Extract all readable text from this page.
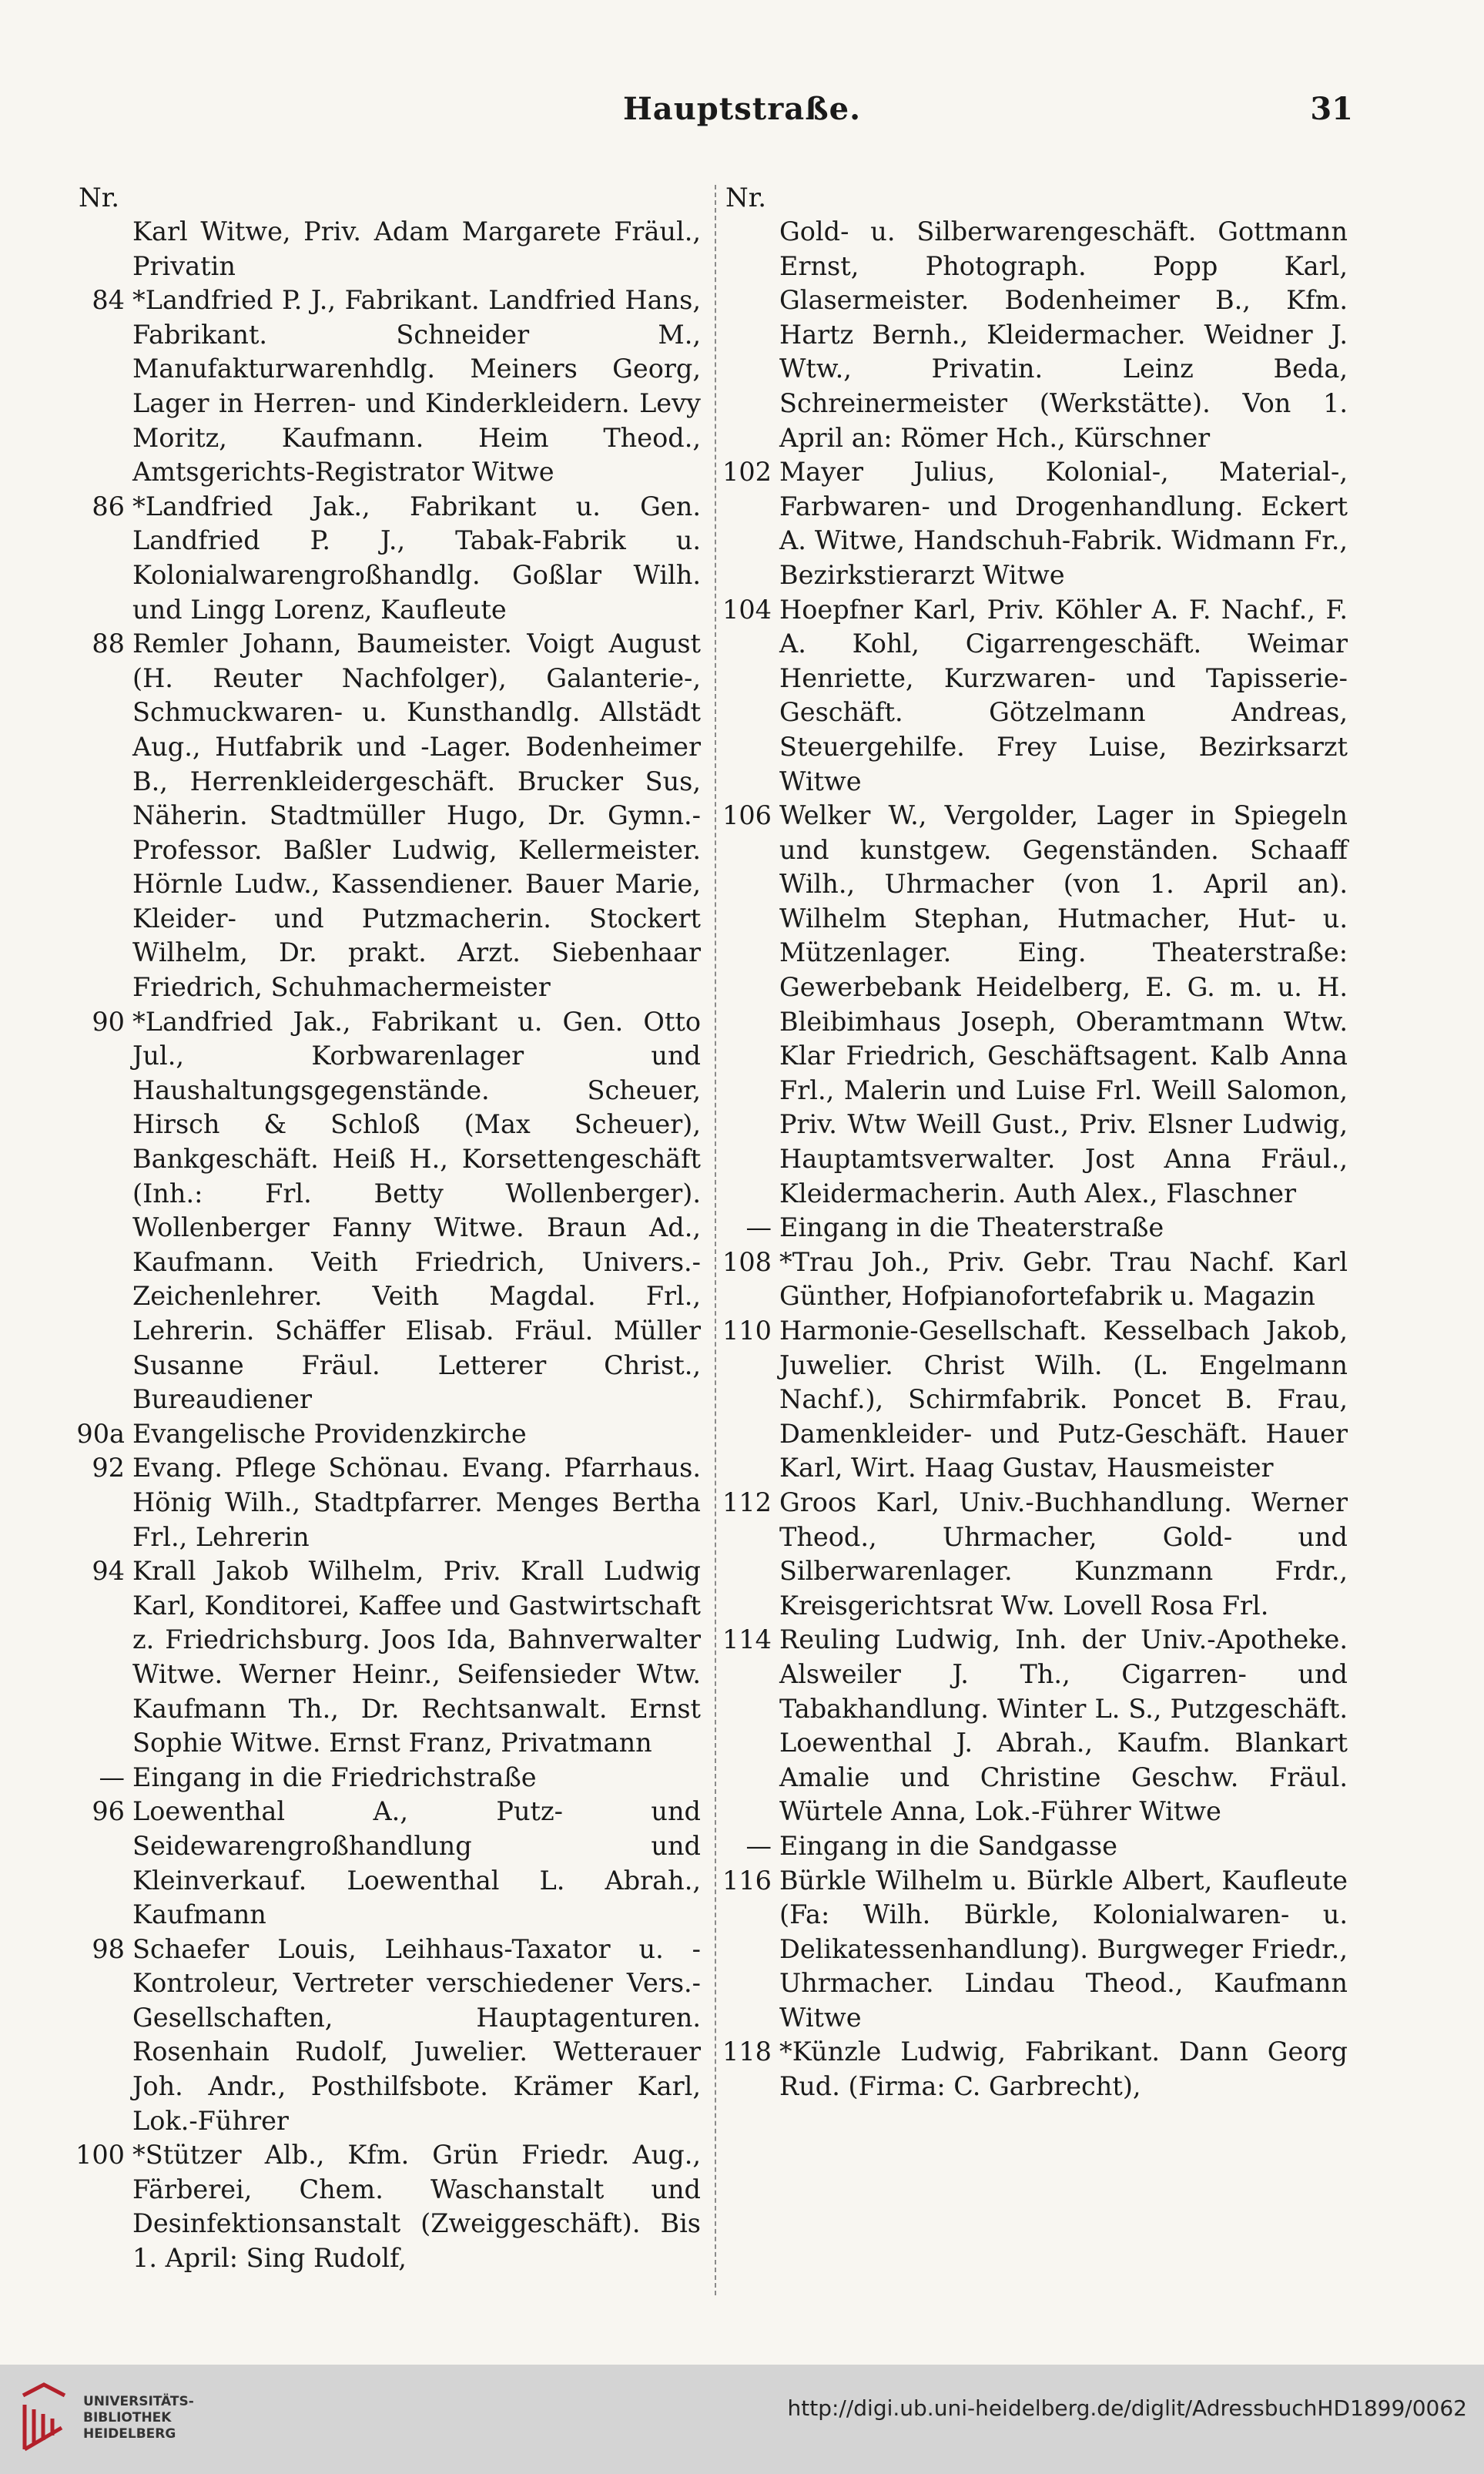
Hauptstraße.	31
Nr.
Karl Witwe, Priv. Adam Margarete Fräul., Privatin
84 *Landfried P. J., Fabrikant. Landfried Hans, Fabrikant. Schneider M., Manufakturwarenhdlg. Meiners Georg, Lager in Herren- und Kinderkleidern. Levy Moritz, Kaufmann. Heim Theod., Amtsgerichts-Registrator Witwe
86 *Landfried Jak., Fabrikant u. Gen. Landfried P. J., Tabak-Fabrik u. Kolonialwarengroßhandlg. Goßlar Wilh. und Lingg Lorenz, Kaufleute
88 Remler Johann, Baumeister. Voigt August (H. Reuter Nachfolger), Galanterie-, Schmuckwaren- u. Kunsthandlg. Allstädt Aug., Hutfabrik und -Lager. Bodenheimer B., Herrenkleidergeschäft. Brucker Sus, Näherin. Stadtmüller Hugo, Dr. Gymn.-Professor. Baßler Ludwig, Kellermeister. Hörnle Ludw., Kassendiener. Bauer Marie, Kleider- und Putzmacherin. Stockert Wilhelm, Dr. prakt. Arzt. Siebenhaar Friedrich, Schuhmachermeister
90 *Landfried Jak., Fabrikant u. Gen. Otto Jul., Korbwarenlager und Haushaltungsgegenstände. Scheuer, Hirsch & Schloß (Max Scheuer), Bankgeschäft. Heiß H., Korsettengeschäft (Inh.: Frl. Betty Wollenberger). Wollenberger Fanny Witwe. Braun Ad., Kaufmann. Veith Friedrich, Univers.-Zeichenlehrer. Veith Magdal. Frl., Lehrerin. Schäffer Elisab. Fräul. Müller Susanne Fräul. Letterer Christ., Bureaudiener
90a Evangelische Providenzkirche
92 Evang. Pflege Schönau. Evang. Pfarrhaus. Hönig Wilh., Stadtpfarrer. Menges Bertha Frl., Lehrerin
94 Krall Jakob Wilhelm, Priv. Krall Ludwig Karl, Konditorei, Kaffee und Gastwirtschaft z. Friedrichsburg. Joos Ida, Bahnverwalter Witwe. Werner Heinr., Seifensieder Wtw. Kaufmann Th., Dr. Rechtsanwalt. Ernst Sophie Witwe. Ernst Franz, Privatmann
— Eingang in die Friedrichstraße
96 Loewenthal A., Putz- und Seidewarengroßhandlung und Kleinverkauf. Loewenthal L. Abrah., Kaufmann
98 Schaefer Louis, Leihhaus-Taxator u. -Kontroleur, Vertreter verschiedener Vers.-Gesellschaften, Hauptagenturen. Rosenhain Rudolf, Juwelier. Wetterauer Joh. Andr., Posthilfsbote. Krämer Karl, Lok.-Führer
100 *Stützer Alb., Kfm. Grün Friedr. Aug., Färberei, Chem. Waschanstalt und Desinfektionsanstalt (Zweiggeschäft). Bis 1. April: Sing Rudolf,
Nr.
Gold- u. Silberwarengeschäft. Gottmann Ernst, Photograph. Popp Karl, Glasermeister. Bodenheimer B., Kfm. Hartz Bernh., Kleidermacher. Weidner J. Wtw., Privatin. Leinz Beda, Schreinermeister (Werkstätte). Von 1. April an: Römer Hch., Kürschner
102 Mayer Julius, Kolonial-, Material-, Farbwaren- und Drogenhandlung. Eckert A. Witwe, Handschuh-Fabrik. Widmann Fr., Bezirkstierarzt Witwe
104 Hoepfner Karl, Priv. Köhler A. F. Nachf., F. A. Kohl, Cigarrengeschäft. Weimar Henriette, Kurzwaren- und Tapisserie-Geschäft. Götzelmann Andreas, Steuergehilfe. Frey Luise, Bezirksarzt Witwe
106 Welker W., Vergolder, Lager in Spiegeln und kunstgew. Gegenständen. Schaaff Wilh., Uhrmacher (von 1. April an). Wilhelm Stephan, Hutmacher, Hut- u. Mützenlager. Eing. Theaterstraße: Gewerbebank Heidelberg, E. G. m. u. H. Bleibimhaus Joseph, Oberamtmann Wtw. Klar Friedrich, Geschäftsagent. Kalb Anna Frl., Malerin und Luise Frl. Weill Salomon, Priv. Wtw Weill Gust., Priv. Elsner Ludwig, Hauptamtsverwalter. Jost Anna Fräul., Kleidermacherin. Auth Alex., Flaschner
— Eingang in die Theaterstraße
108 *Trau Joh., Priv. Gebr. Trau Nachf. Karl Günther, Hofpianofortefabrik u. Magazin
110 Harmonie-Gesellschaft. Kesselbach Jakob, Juwelier. Christ Wilh. (L. Engelmann Nachf.), Schirmfabrik. Poncet B. Frau, Damenkleider- und Putz-Geschäft. Hauer Karl, Wirt. Haag Gustav, Hausmeister
112 Groos Karl, Univ.-Buchhandlung. Werner Theod., Uhrmacher, Gold- und Silberwarenlager. Kunzmann Frdr., Kreisgerichtsrat Ww. Lovell Rosa Frl.
114 Reuling Ludwig, Inh. der Univ.-Apotheke. Alsweiler J. Th., Cigarren- und Tabakhandlung. Winter L. S., Putzgeschäft. Loewenthal J. Abrah., Kaufm. Blankart Amalie und Christine Geschw. Fräul. Würtele Anna, Lok.-Führer Witwe
— Eingang in die Sandgasse
116 Bürkle Wilhelm u. Bürkle Albert, Kaufleute (Fa: Wilh. Bürkle, Kolonialwaren- u. Delikatessenhandlung). Burgweger Friedr., Uhrmacher. Lindau Theod., Kaufmann Witwe
118 *Künzle Ludwig, Fabrikant. Dann Georg Rud. (Firma: C. Garbrecht),
UNIVERSITÄTS-
BIBLIOTHEK
HEIDELBERG
http://digi.ub.uni-heidelberg.de/diglit/AdressbuchHD1899/0062
